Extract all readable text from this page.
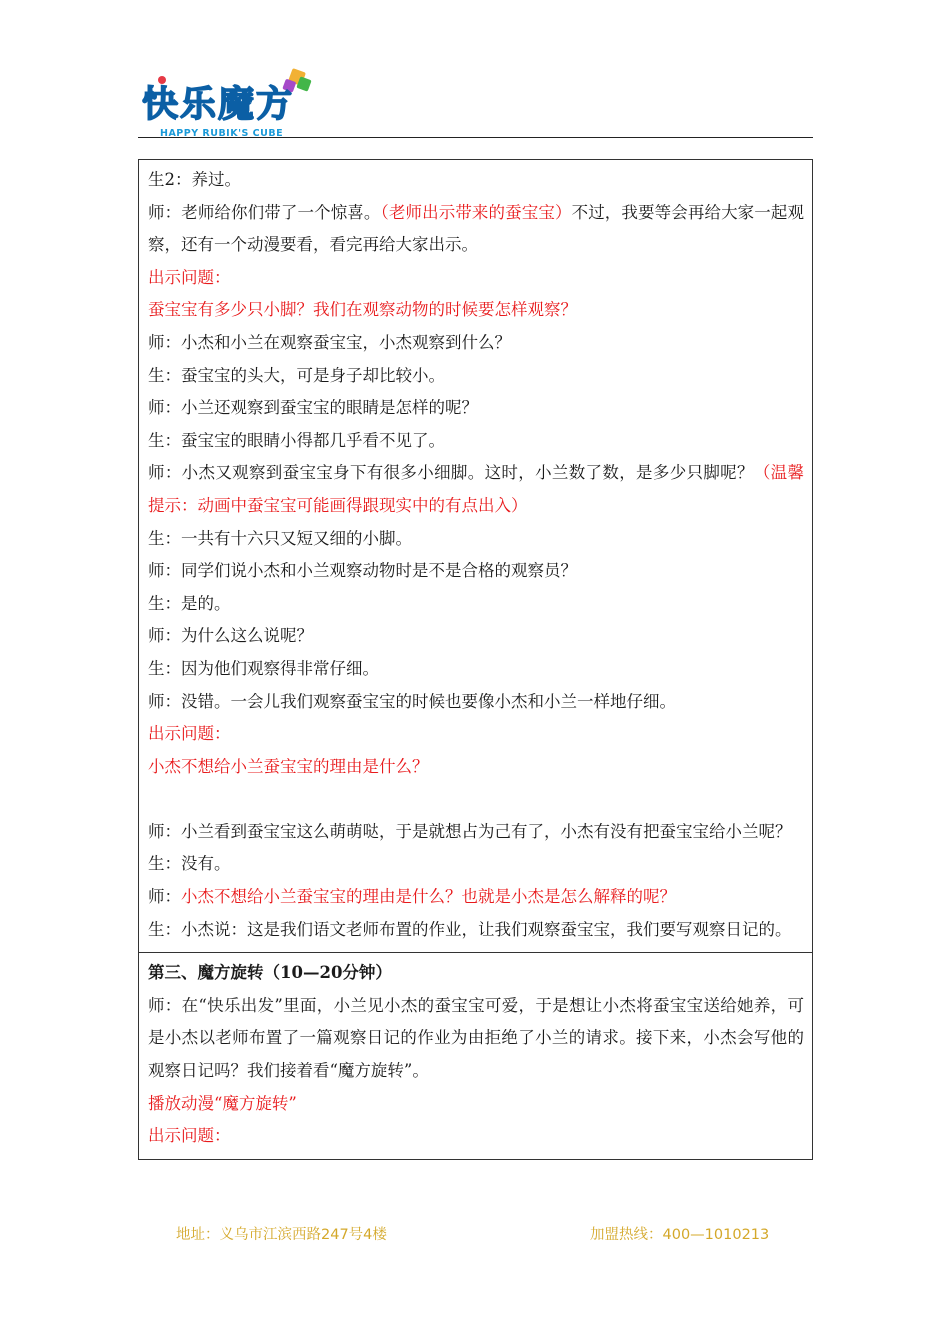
快乐魔方
HAPPY RUBIK'S CUBE

生2：养过。

师：老师给你们带了一个惊喜。（老师出示带来的蚕宝宝）不过，我要等会再给大家一起观察，还有一个动漫要看，看完再给大家出示。

出示问题：

蚕宝宝有多少只小脚？我们在观察动物的时候要怎样观察？

师：小杰和小兰在观察蚕宝宝，小杰观察到什么？

生：蚕宝宝的头大，可是身子却比较小。

师：小兰还观察到蚕宝宝的眼睛是怎样的呢？

生：蚕宝宝的眼睛小得都几乎看不见了。

师：小杰又观察到蚕宝宝身下有很多小细脚。这时，小兰数了数，是多少只脚呢？（温馨提示：动画中蚕宝宝可能画得跟现实中的有点出入）

生：一共有十六只又短又细的小脚。

师：同学们说小杰和小兰观察动物时是不是合格的观察员？

生：是的。

师：为什么这么说呢？

生：因为他们观察得非常仔细。

师：没错。一会儿我们观察蚕宝宝的时候也要像小杰和小兰一样地仔细。

出示问题：

小杰不想给小兰蚕宝宝的理由是什么？

师：小兰看到蚕宝宝这么萌萌哒，于是就想占为己有了，小杰有没有把蚕宝宝给小兰呢？

生：没有。

师：小杰不想给小兰蚕宝宝的理由是什么？也就是小杰是怎么解释的呢？

生：小杰说：这是我们语文老师布置的作业，让我们观察蚕宝宝，我们要写观察日记的。

第三、魔方旋转（10—20分钟）

师：在“快乐出发”里面，小兰见小杰的蚕宝宝可爱，于是想让小杰将蚕宝宝送给她养，可是小杰以老师布置了一篇观察日记的作业为由拒绝了小兰的请求。接下来，小杰会写他的观察日记吗？我们接着看“魔方旋转”。

播放动漫“魔方旋转”

出示问题：

地址：义乌市江滨西路247号4楼	加盟热线：400—1010213
